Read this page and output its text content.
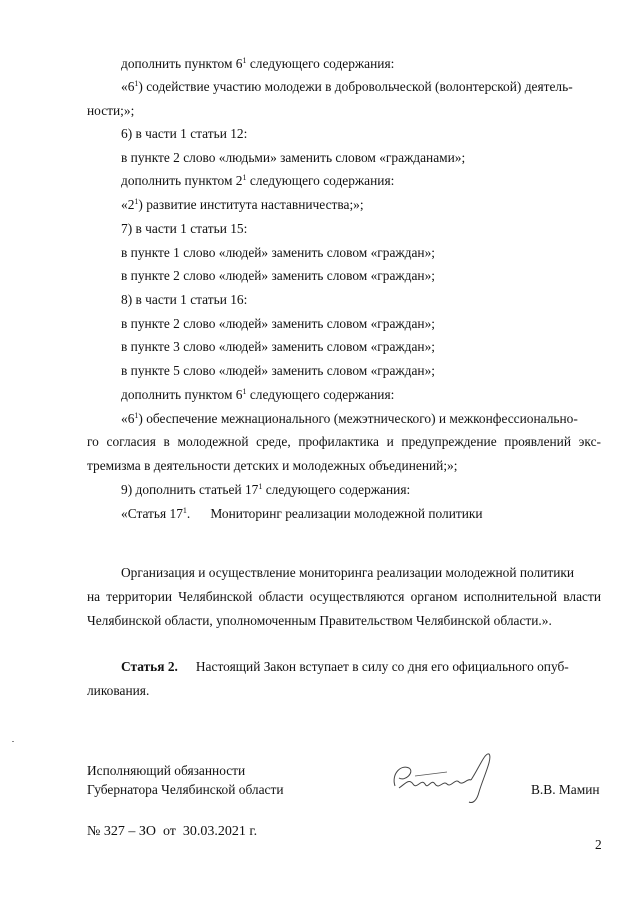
дополнить пунктом $6^1$ следующего содержания:
«$6^1$) содействие участию молодежи в добровольческой (волонтерской) деятель-
ности;»;
6) в части 1 статьи 12:
в пункте 2 слово «людьми» заменить словом «гражданами»;
дополнить пунктом $2^1$ следующего содержания:
«$2^1$) развитие института наставничества;»;
7) в части 1 статьи 15:
в пункте 1 слово «людей» заменить словом «граждан»;
в пункте 2 слово «людей» заменить словом «граждан»;
8) в части 1 статьи 16:
в пункте 2 слово «людей» заменить словом «граждан»;
в пункте 3 слово «людей» заменить словом «граждан»;
в пункте 5 слово «людей» заменить словом «граждан»;
дополнить пунктом $6^1$ следующего содержания:
«$6^1$) обеспечение межнационального (межэтнического) и межконфессионально-
го согласия в молодежной среде, профилактика и предупреждение проявлений экс-
тремизма в деятельности детских и молодежных объединений;»;
9) дополнить статьей $17^1$ следующего содержания:
«Статья $17^1$.      Мониторинг реализации молодежной политики
Организация и осуществление мониторинга реализации молодежной политики
на территории Челябинской области осуществляются органом исполнительной власти
Челябинской области, уполномоченным Правительством Челябинской области.».
Статья 2. Настоящий Закон вступает в силу со дня его официального опуб-
ликования.
Исполняющий обязанности
Губернатора Челябинской области	В.В. Мамин
№ 327 – ЗО  от  30.03.2021 г.
2
